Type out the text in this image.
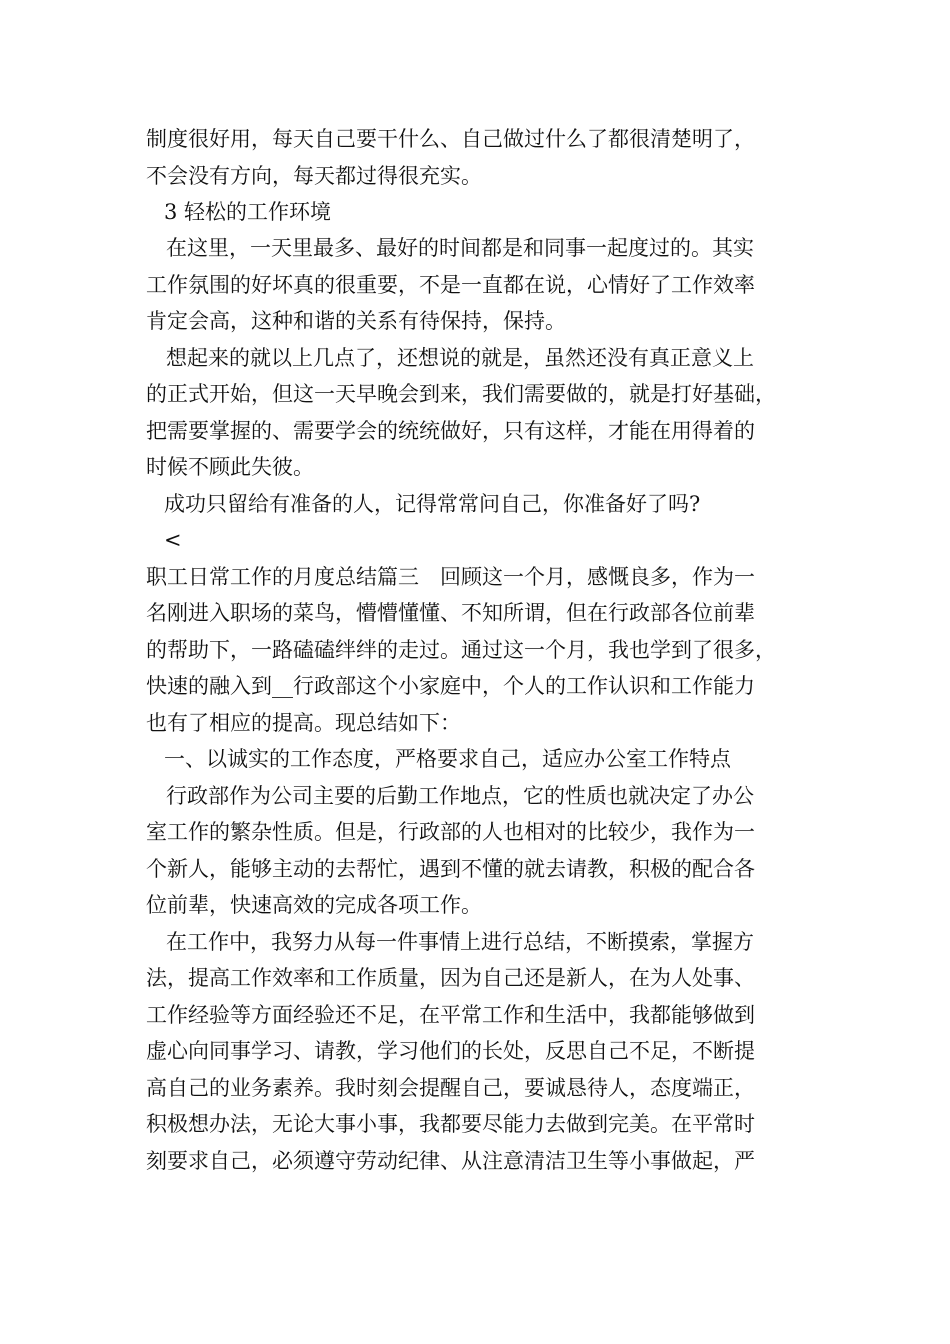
制度很好用，每天自己要干什么、自己做过什么了都很清楚明了，
不会没有方向，每天都过得很充实。
3 轻松的工作环境
在这里，一天里最多、最好的时间都是和同事一起度过的。其实
工作氛围的好坏真的很重要，不是一直都在说，心情好了工作效率
肯定会高，这种和谐的关系有待保持，保持。
想起来的就以上几点了，还想说的就是，虽然还没有真正意义上
的正式开始，但这一天早晚会到来，我们需要做的，就是打好基础，
把需要掌握的、需要学会的统统做好，只有这样，才能在用得着的
时候不顾此失彼。
成功只留给有准备的人，记得常常问自己，你准备好了吗?
<
职工日常工作的月度总结篇三　回顾这一个月，感慨良多，作为一
名刚进入职场的菜鸟，懵懵懂懂、不知所谓，但在行政部各位前辈
的帮助下，一路磕磕绊绊的走过。通过这一个月，我也学到了很多，
快速的融入到__行政部这个小家庭中，个人的工作认识和工作能力
也有了相应的提高。现总结如下：
一、以诚实的工作态度，严格要求自己，适应办公室工作特点
行政部作为公司主要的后勤工作地点，它的性质也就决定了办公
室工作的繁杂性质。但是，行政部的人也相对的比较少，我作为一
个新人，能够主动的去帮忙，遇到不懂的就去请教，积极的配合各
位前辈，快速高效的完成各项工作。
在工作中，我努力从每一件事情上进行总结，不断摸索，掌握方
法，提高工作效率和工作质量，因为自己还是新人，在为人处事、
工作经验等方面经验还不足，在平常工作和生活中，我都能够做到
虚心向同事学习、请教，学习他们的长处，反思自己不足，不断提
高自己的业务素养。我时刻会提醒自己，要诚恳待人，态度端正，
积极想办法，无论大事小事，我都要尽能力去做到完美。在平常时
刻要求自己，必须遵守劳动纪律、从注意清洁卫生等小事做起，严
